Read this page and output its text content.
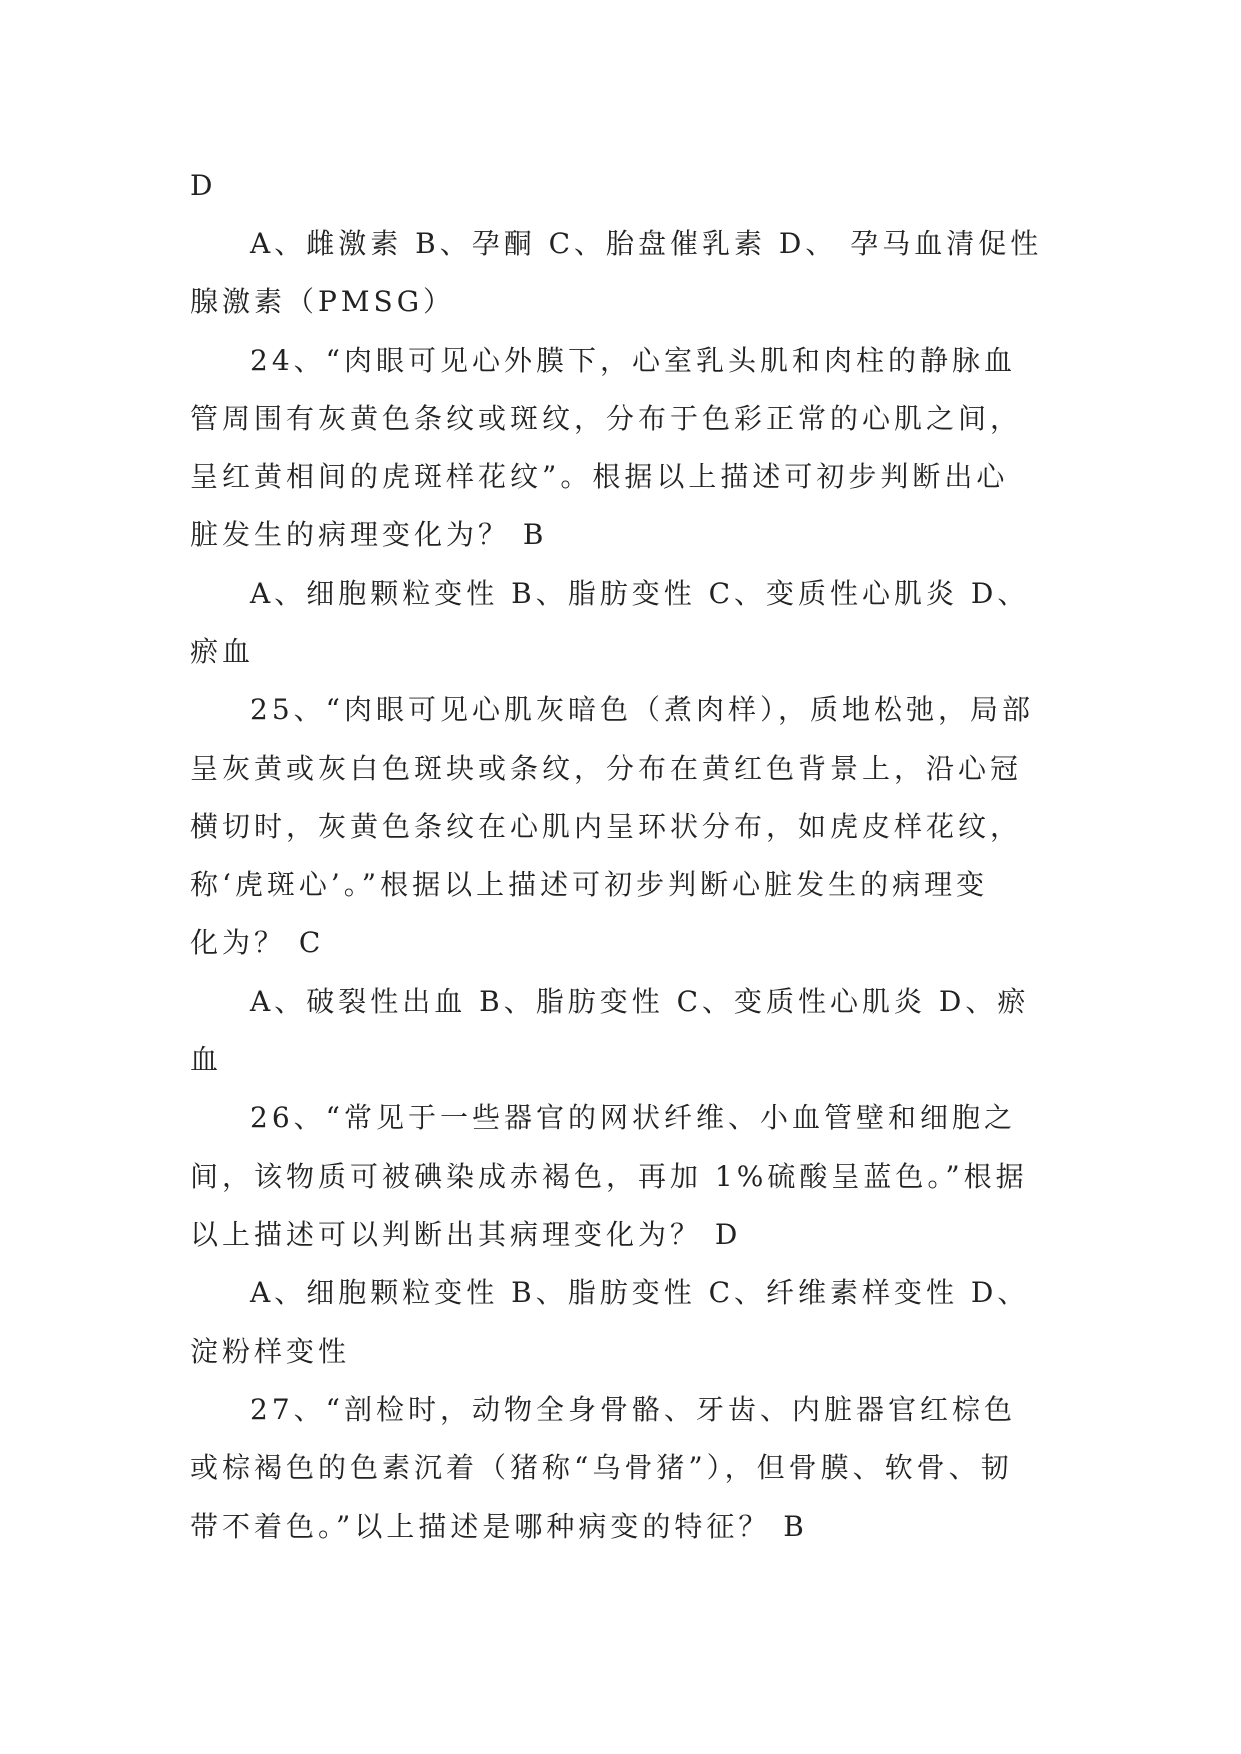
D
A、雌激素 B、孕酮 C、胎盘催乳素 D、 孕马血清促性
腺激素（PMSG）
24、“肉眼可见心外膜下，心室乳头肌和肉柱的静脉血
管周围有灰黄色条纹或斑纹，分布于色彩正常的心肌之间，
呈红黄相间的虎斑样花纹”。根据以上描述可初步判断出心
脏发生的病理变化为？ B
A、细胞颗粒变性 B、脂肪变性 C、变质性心肌炎 D、
瘀血
25、“肉眼可见心肌灰暗色（煮肉样），质地松弛，局部
呈灰黄或灰白色斑块或条纹，分布在黄红色背景上，沿心冠
横切时，灰黄色条纹在心肌内呈环状分布，如虎皮样花纹，
称‘虎斑心’。”根据以上描述可初步判断心脏发生的病理变
化为？ C
A、破裂性出血 B、脂肪变性 C、变质性心肌炎 D、瘀
血
26、“常见于一些器官的网状纤维、小血管壁和细胞之
间，该物质可被碘染成赤褐色，再加 1%硫酸呈蓝色。”根据
以上描述可以判断出其病理变化为？ D
A、细胞颗粒变性 B、脂肪变性 C、纤维素样变性 D、
淀粉样变性
27、“剖检时，动物全身骨骼、牙齿、内脏器官红棕色
或棕褐色的色素沉着（猪称“乌骨猪”），但骨膜、软骨、韧
带不着色。”以上描述是哪种病变的特征？ B
